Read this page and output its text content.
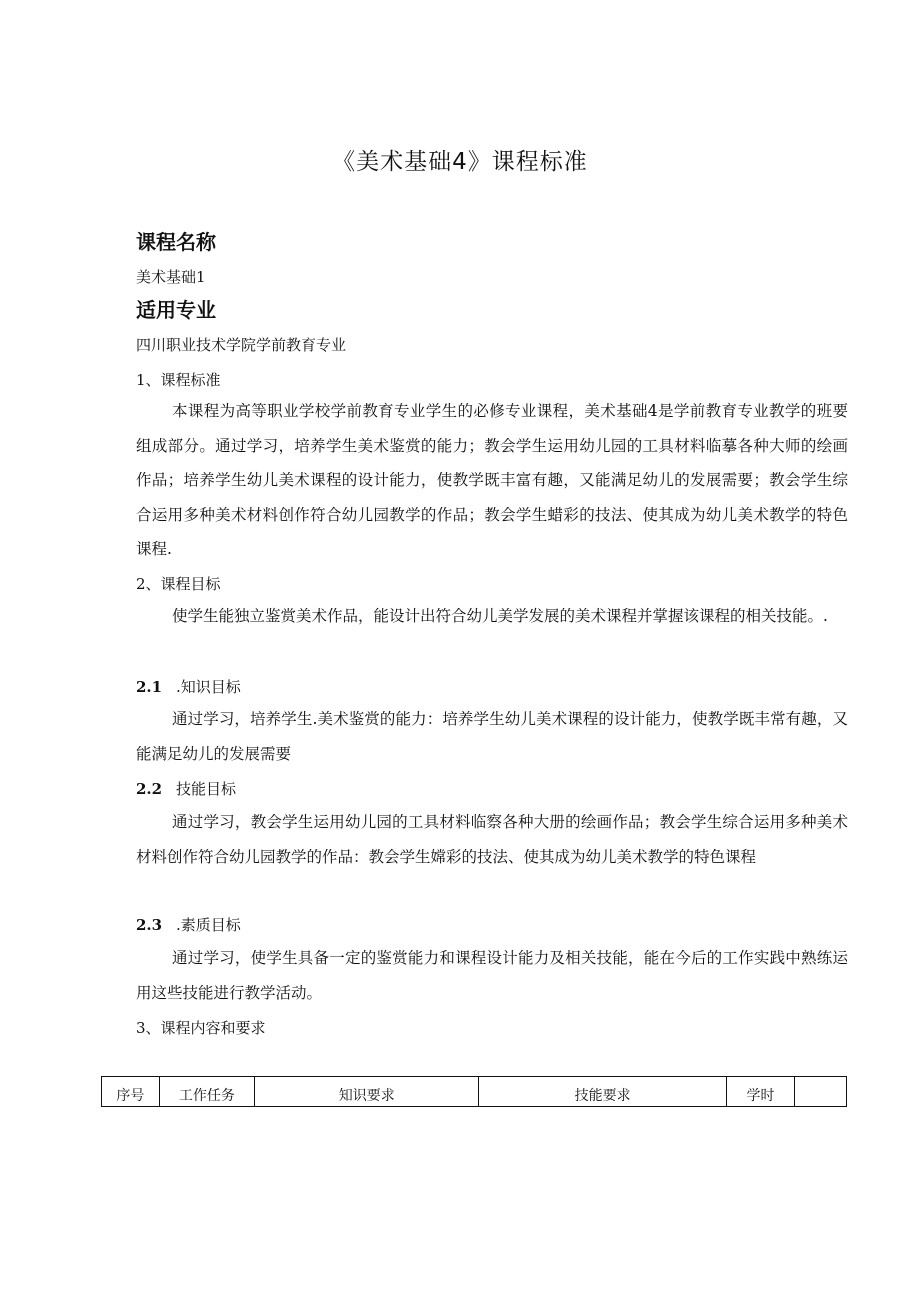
《美术基础4》课程标准
课程名称
美术基础1
适用专业
四川职业技术学院学前教育专业
1、课程标准
本课程为高等职业学校学前教育专业学生的必修专业课程，美术基础4是学前教育专业教学的班要组成部分。通过学习，培养学生美术鉴赏的能力；教会学生运用幼儿园的工具材料临摹各种大师的绘画作品；培养学生幼儿美术课程的设计能力，使教学既丰富有趣，又能满足幼儿的发展需要；教会学生综合运用多种美术材料创作符合幼儿园教学的作品；教会学生蜡彩的技法、使其成为幼儿美术教学的特色课程.
2、课程目标
使学生能独立鉴赏美术作品，能设计出符合幼儿美学发展的美术课程并掌握该课程的相关技能。.
2.1 .知识目标
通过学习，培养学生.美术鉴赏的能力：培养学生幼儿美术课程的设计能力，使教学既丰常有趣，又能满足幼儿的发展需要
2.2 技能目标
通过学习，教会学生运用幼儿园的工具材料临察各种大册的绘画作品；教会学生综合运用多种美术材料创作符合幼儿园教学的作品：教会学生嫦彩的技法、使其成为幼儿美术教学的特色课程
2.3 .素质目标
通过学习，使学生具备一定的鉴赏能力和课程设计能力及相关技能，能在今后的工作实践中熟练运用这些技能进行教学活动。
3、课程内容和要求
序号	工作任务	知识要求	技能要求	学时	
